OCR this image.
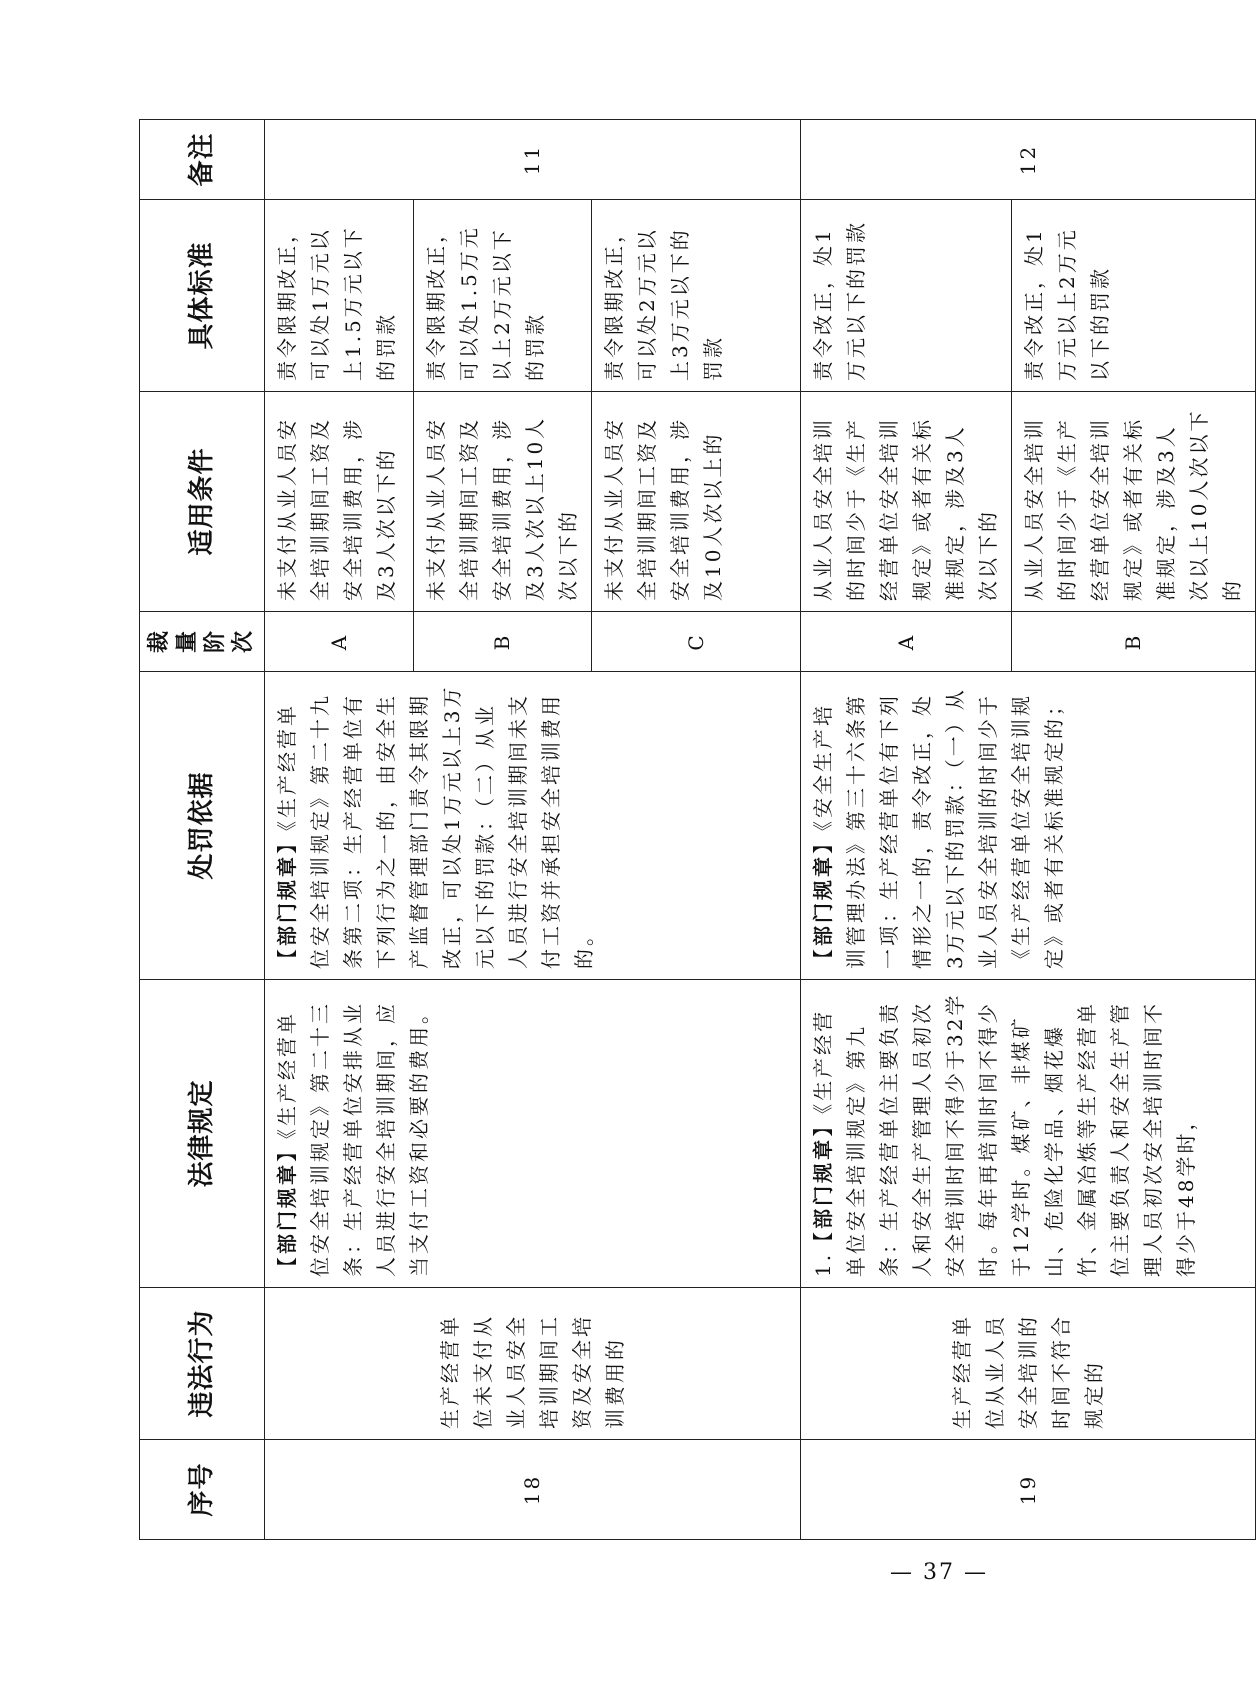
序号	违法行为	法律规定	处罚依据	裁量阶次	适用条件	具体标准	备注
18	生产经营单位未支付从业人员安全培训期间工资及安全培训费用的	【部门规章】《生产经营单位安全培训规定》第二十三条：生产经营单位安排从业人员进行安全培训期间，应当支付工资和必要的费用。	【部门规章】《生产经营单位安全培训规定》第二十九条第二项：生产经营单位有下列行为之一的，由安全生产监督管理部门责令其限期改正，可以处1万元以上3万元以下的罚款：（二）从业人员进行安全培训期间未支付工资并承担安全培训费用的。	A	未支付从业人员安全培训期间工资及安全培训费用，涉及3人次以下的	责令限期改正，可以处1万元以上1.5万元以下的罚款	11
				B	未支付从业人员安全培训期间工资及安全培训费用，涉及3人次以上10人次以下的	责令限期改正，可以处1.5万元以上2万元以下的罚款	
				C	未支付从业人员安全培训期间工资及安全培训费用，涉及10人次以上的	责令限期改正，可以处2万元以上3万元以下的罚款	
19	生产经营单位从业人员安全培训的时间不符合规定的	1.【部门规章】《生产经营单位安全培训规定》第九条：生产经营单位主要负责人和安全生产管理人员初次安全培训时间不得少于32学时。每年再培训时间不得少于12学时。煤矿、非煤矿山、危险化学品、烟花爆竹、金属冶炼等生产经营单位主要负责人和安全生产管理人员初次安全培训时间不得少于48学时，	【部门规章】《安全生产培训管理办法》第三十六条第一项：生产经营单位有下列情形之一的，责令改正，处3万元以下的罚款：（一）从业人员安全培训的时间少于《生产经营单位安全培训规定》或者有关标准规定的；	A	从业人员安全培训的时间少于《生产经营单位安全培训规定》或者有关标准规定，涉及3人次以下的	责令改正，处1万元以下的罚款	12
				B	从业人员安全培训的时间少于《生产经营单位安全培训规定》或者有关标准规定，涉及3人次以上10人次以下的	责令改正，处1万元以上2万元以下的罚款	
— 37 —
